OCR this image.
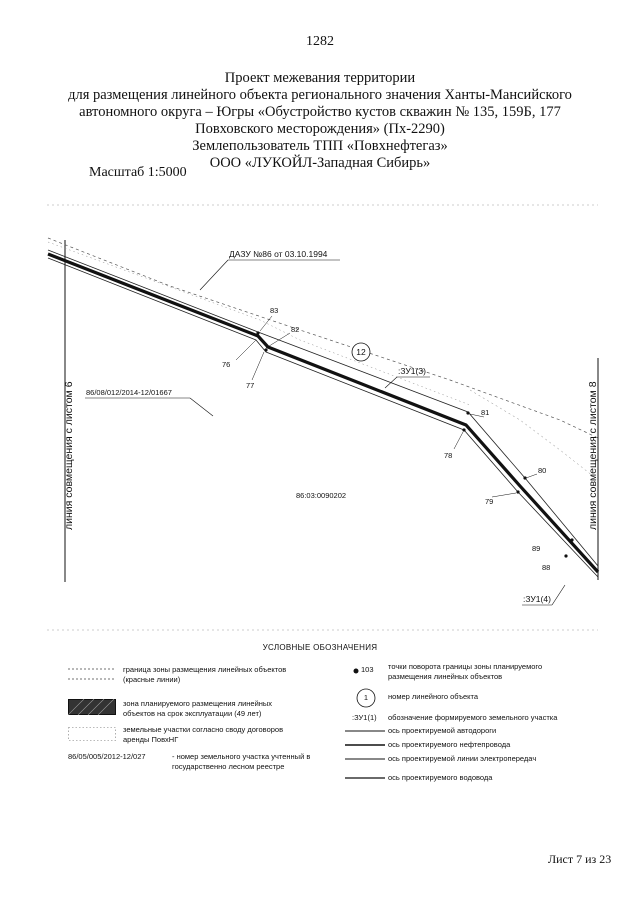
1282
Проект межевания территории
для размещения линейного объекта регионального значения Ханты-Мансийского
автономного округа – Югры «Обустройство кустов скважин № 135, 159Б, 177
Повховского месторождения» (Пх-2290)
Землепользователь ТПП «Повхнефтегаз»
ООО «ЛУКОЙЛ-Западная Сибирь»
Масштаб 1:5000
ДАЗУ №86 от 03.10.1994
линия совмещения с листом 6	линия совмещения с листом 8
86/08/012/2014-12/01667
86:03:0090202
12
:ЗУ1(3)
:ЗУ1(4)
83
82
76
77
81
78
80
79
89
88
УСЛОВНЫЕ ОБОЗНАЧЕНИЯ
граница зоны размещения линейных объектов (красные линии)
зона планируемого размещения линейных объектов на срок эксплуатации (49 лет)
земельные участки согласно своду договоров аренды ПовхНГ
86/05/005/2012-12/027	- номер земельного участка учтенный в государственно лесном реестре
103 точки поворота границы зоны планируемого размещения линейных объектов
1	номер линейного объекта
:ЗУ1(1) обозначение формируемого земельного участка
ось проектируемой автодороги
ось проектируемого нефтепровода
ось проектируемой линии электропередач
ось проектируемого водовода
Лист 7 из 23
